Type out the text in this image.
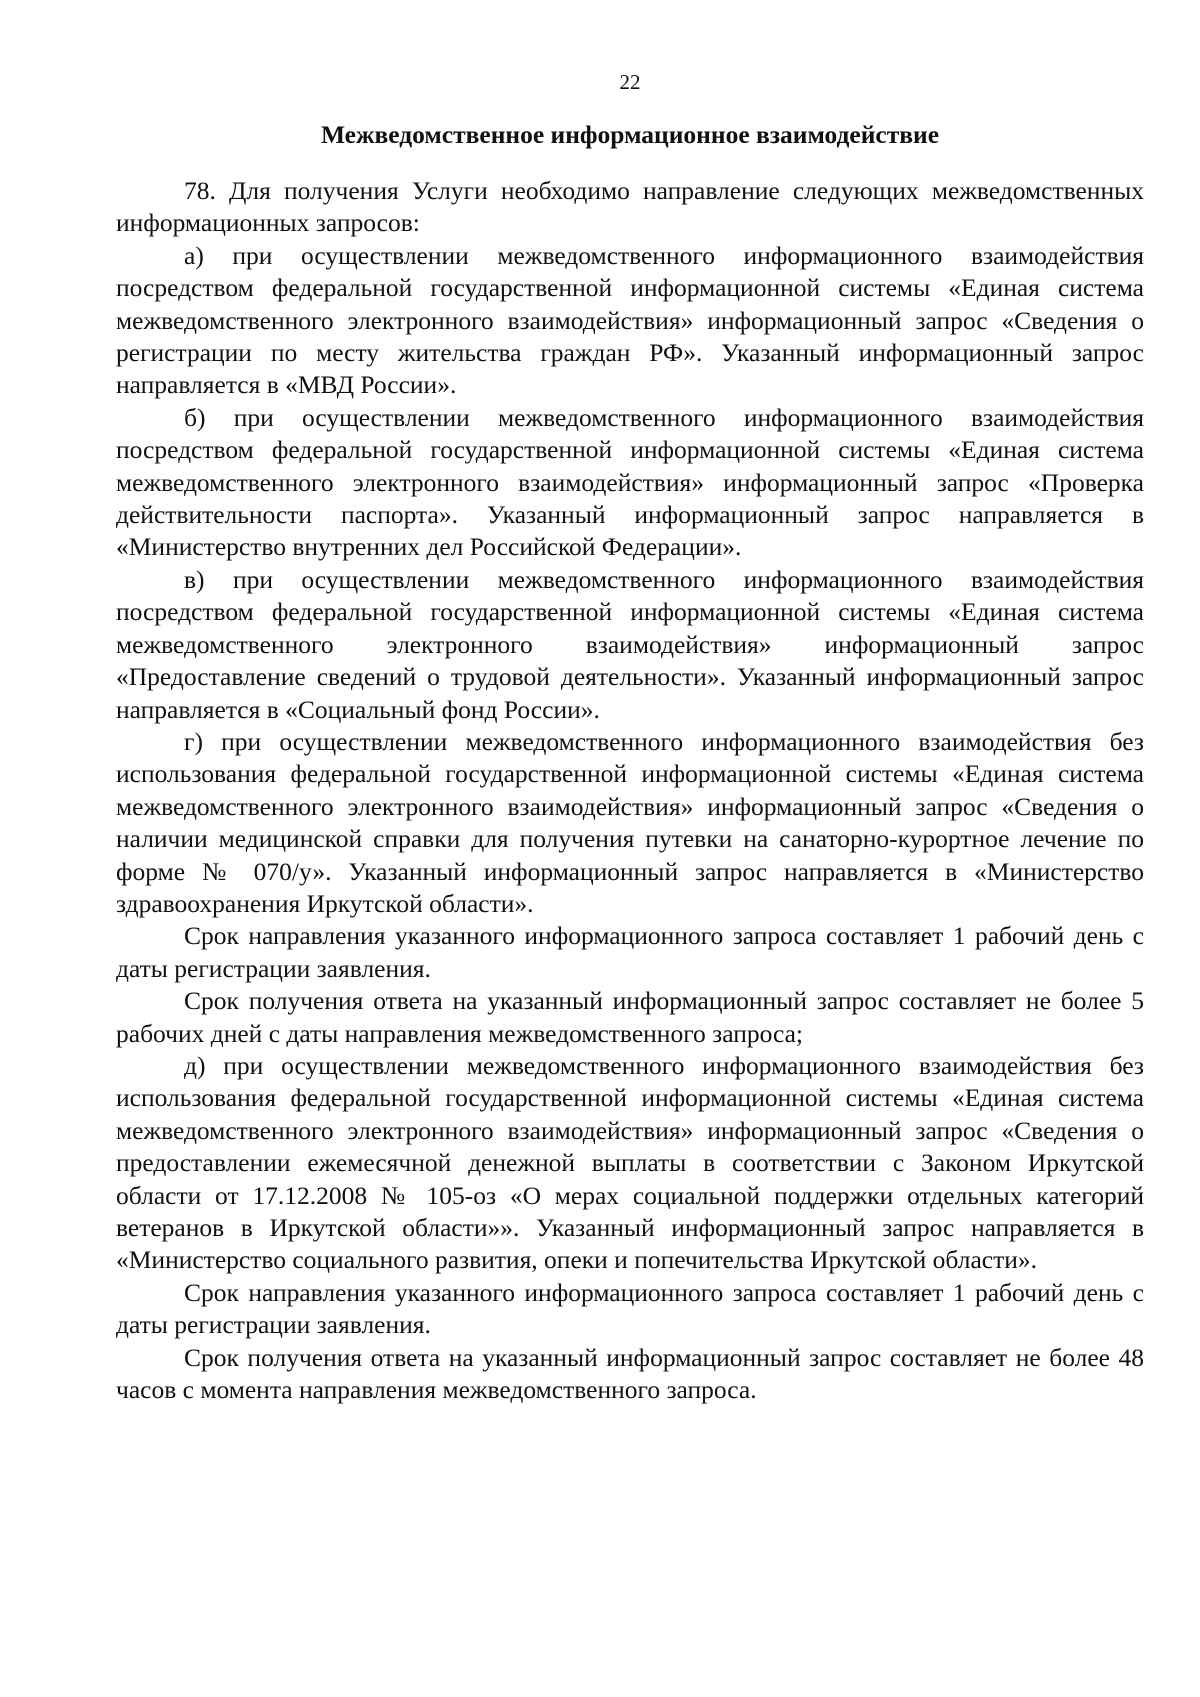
22
Межведомственное информационное взаимодействие

78. Для получения Услуги необходимо направление следующих межведомственных информационных запросов:

а) при осуществлении межведомственного информационного взаимодействия посредством федеральной государственной информационной системы «Единая система межведомственного электронного взаимодействия» информационный запрос «Сведения о регистрации по месту жительства граждан РФ». Указанный информационный запрос направляется в «МВД России».

б) при осуществлении межведомственного информационного взаимодействия посредством федеральной государственной информационной системы «Единая система межведомственного электронного взаимодействия» информационный запрос «Проверка действительности паспорта». Указанный информационный запрос направляется в «Министерство внутренних дел Российской Федерации».

в) при осуществлении межведомственного информационного взаимодействия посредством федеральной государственной информационной системы «Единая система межведомственного электронного взаимодействия» информационный запрос «Предоставление сведений о трудовой деятельности». Указанный информационный запрос направляется в «Социальный фонд России».

г) при осуществлении межведомственного информационного взаимодействия без использования федеральной государственной информационной системы «Единая система межведомственного электронного взаимодействия» информационный запрос «Сведения о наличии медицинской справки для получения путевки на санаторно-курортное лечение по форме № 070/у». Указанный информационный запрос направляется в «Министерство здравоохранения Иркутской области».

Срок направления указанного информационного запроса составляет 1 рабочий день с даты регистрации заявления.

Срок получения ответа на указанный информационный запрос составляет не более 5 рабочих дней с даты направления межведомственного запроса;

д) при осуществлении межведомственного информационного взаимодействия без использования федеральной государственной информационной системы «Единая система межведомственного электронного взаимодействия» информационный запрос «Сведения о предоставлении ежемесячной денежной выплаты в соответствии с Законом Иркутской области от 17.12.2008 № 105-оз «О мерах социальной поддержки отдельных категорий ветеранов в Иркутской области»». Указанный информационный запрос направляется в «Министерство социального развития, опеки и попечительства Иркутской области».

Срок направления указанного информационного запроса составляет 1 рабочий день с даты регистрации заявления.

Срок получения ответа на указанный информационный запрос составляет не более 48 часов с момента направления межведомственного запроса.
